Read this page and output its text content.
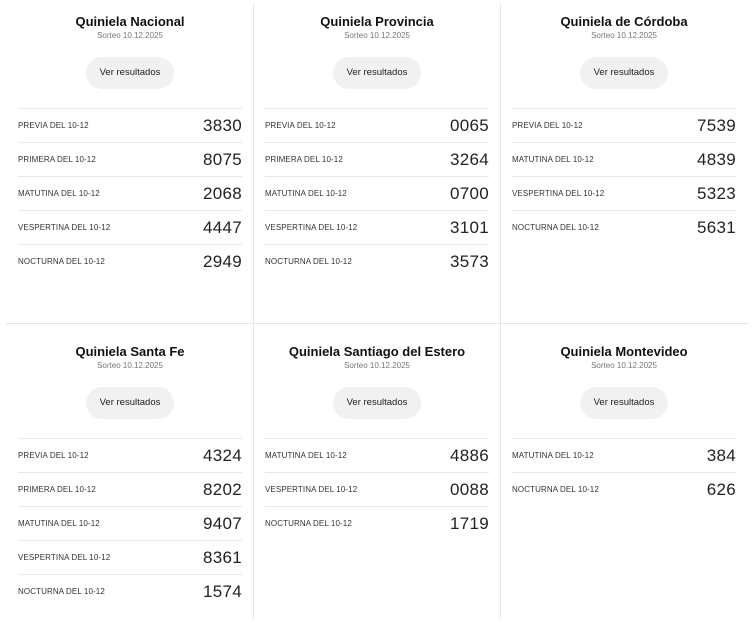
Quiniela Nacional
Sorteo 10.12.2025
Ver resultados
PREVIA DEL 10-12	3830
PRIMERA DEL 10-12	8075
MATUTINA DEL 10-12	2068
VESPERTINA DEL 10-12	4447
NOCTURNA DEL 10-12	2949
Quiniela Provincia
Sorteo 10.12.2025
Ver resultados
PREVIA DEL 10-12	0065
PRIMERA DEL 10-12	3264
MATUTINA DEL 10-12	0700
VESPERTINA DEL 10-12	3101
NOCTURNA DEL 10-12	3573
Quiniela de Córdoba
Sorteo 10.12.2025
Ver resultados
PREVIA DEL 10-12	7539
MATUTINA DEL 10-12	4839
VESPERTINA DEL 10-12	5323
NOCTURNA DEL 10-12	5631
Quiniela Santa Fe
Sorteo 10.12.2025
Ver resultados
PREVIA DEL 10-12	4324
PRIMERA DEL 10-12	8202
MATUTINA DEL 10-12	9407
VESPERTINA DEL 10-12	8361
NOCTURNA DEL 10-12	1574
Quiniela Santiago del Estero
Sorteo 10.12.2025
Ver resultados
MATUTINA DEL 10-12	4886
VESPERTINA DEL 10-12	0088
NOCTURNA DEL 10-12	1719
Quiniela Montevideo
Sorteo 10.12.2025
Ver resultados
MATUTINA DEL 10-12	384
NOCTURNA DEL 10-12	626
